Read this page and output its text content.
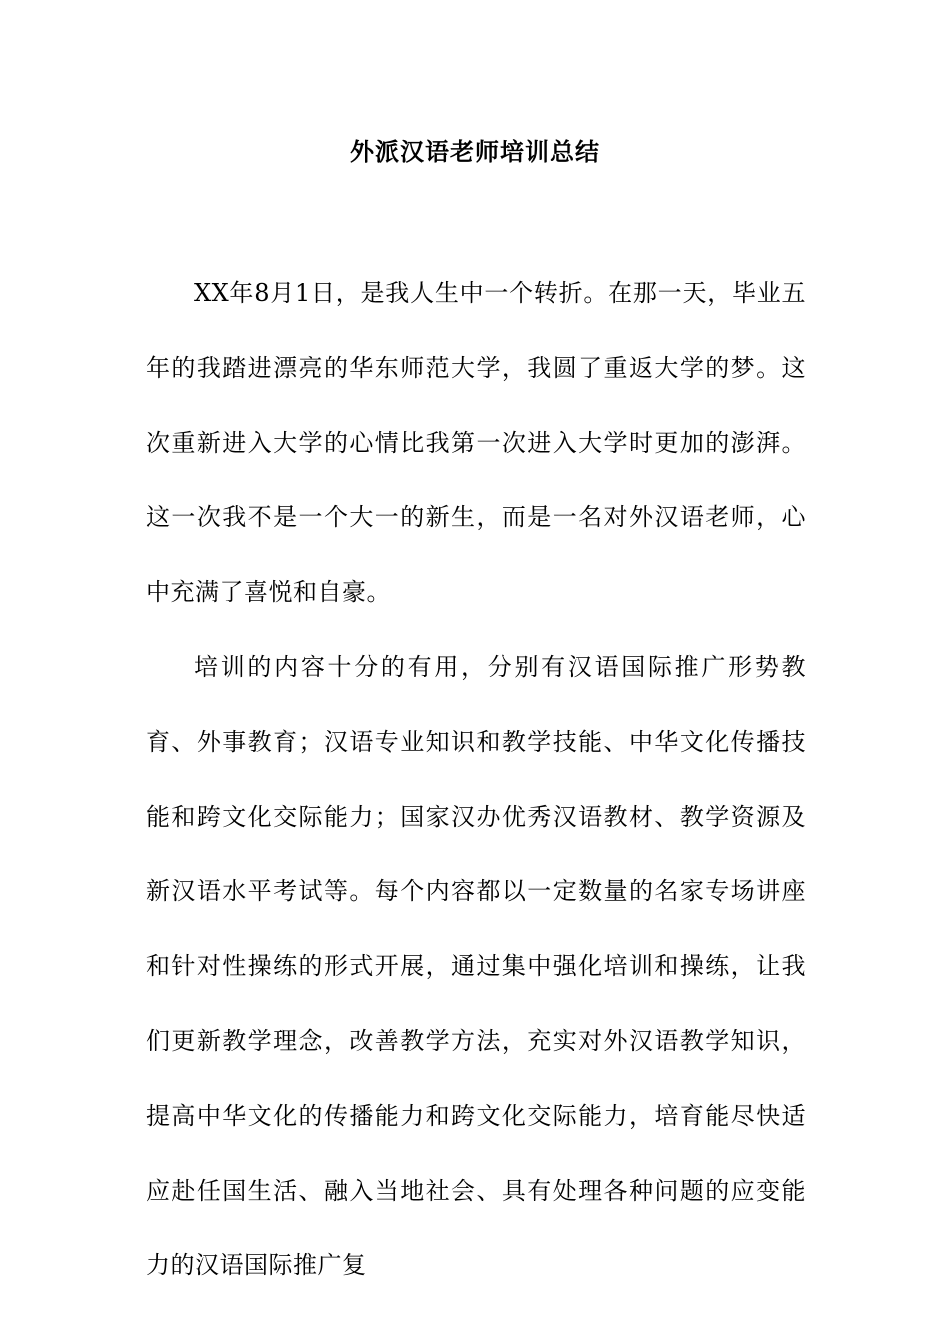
外派汉语老师培训总结

XX年8月1日，是我人生中一个转折。在那一天，毕业五年的我踏进漂亮的华东师范大学，我圆了重返大学的梦。这次重新进入大学的心情比我第一次进入大学时更加的澎湃。这一次我不是一个大一的新生，而是一名对外汉语老师，心中充满了喜悦和自豪。

培训的内容十分的有用，分别有汉语国际推广形势教育、外事教育；汉语专业知识和教学技能、中华文化传播技能和跨文化交际能力；国家汉办优秀汉语教材、教学资源及新汉语水平考试等。每个内容都以一定数量的名家专场讲座和针对性操练的形式开展，通过集中强化培训和操练，让我们更新教学理念，改善教学方法，充实对外汉语教学知识，提高中华文化的传播能力和跨文化交际能力，培育能尽快适应赴任国生活、融入当地社会、具有处理各种问题的应变能力的汉语国际推广复
